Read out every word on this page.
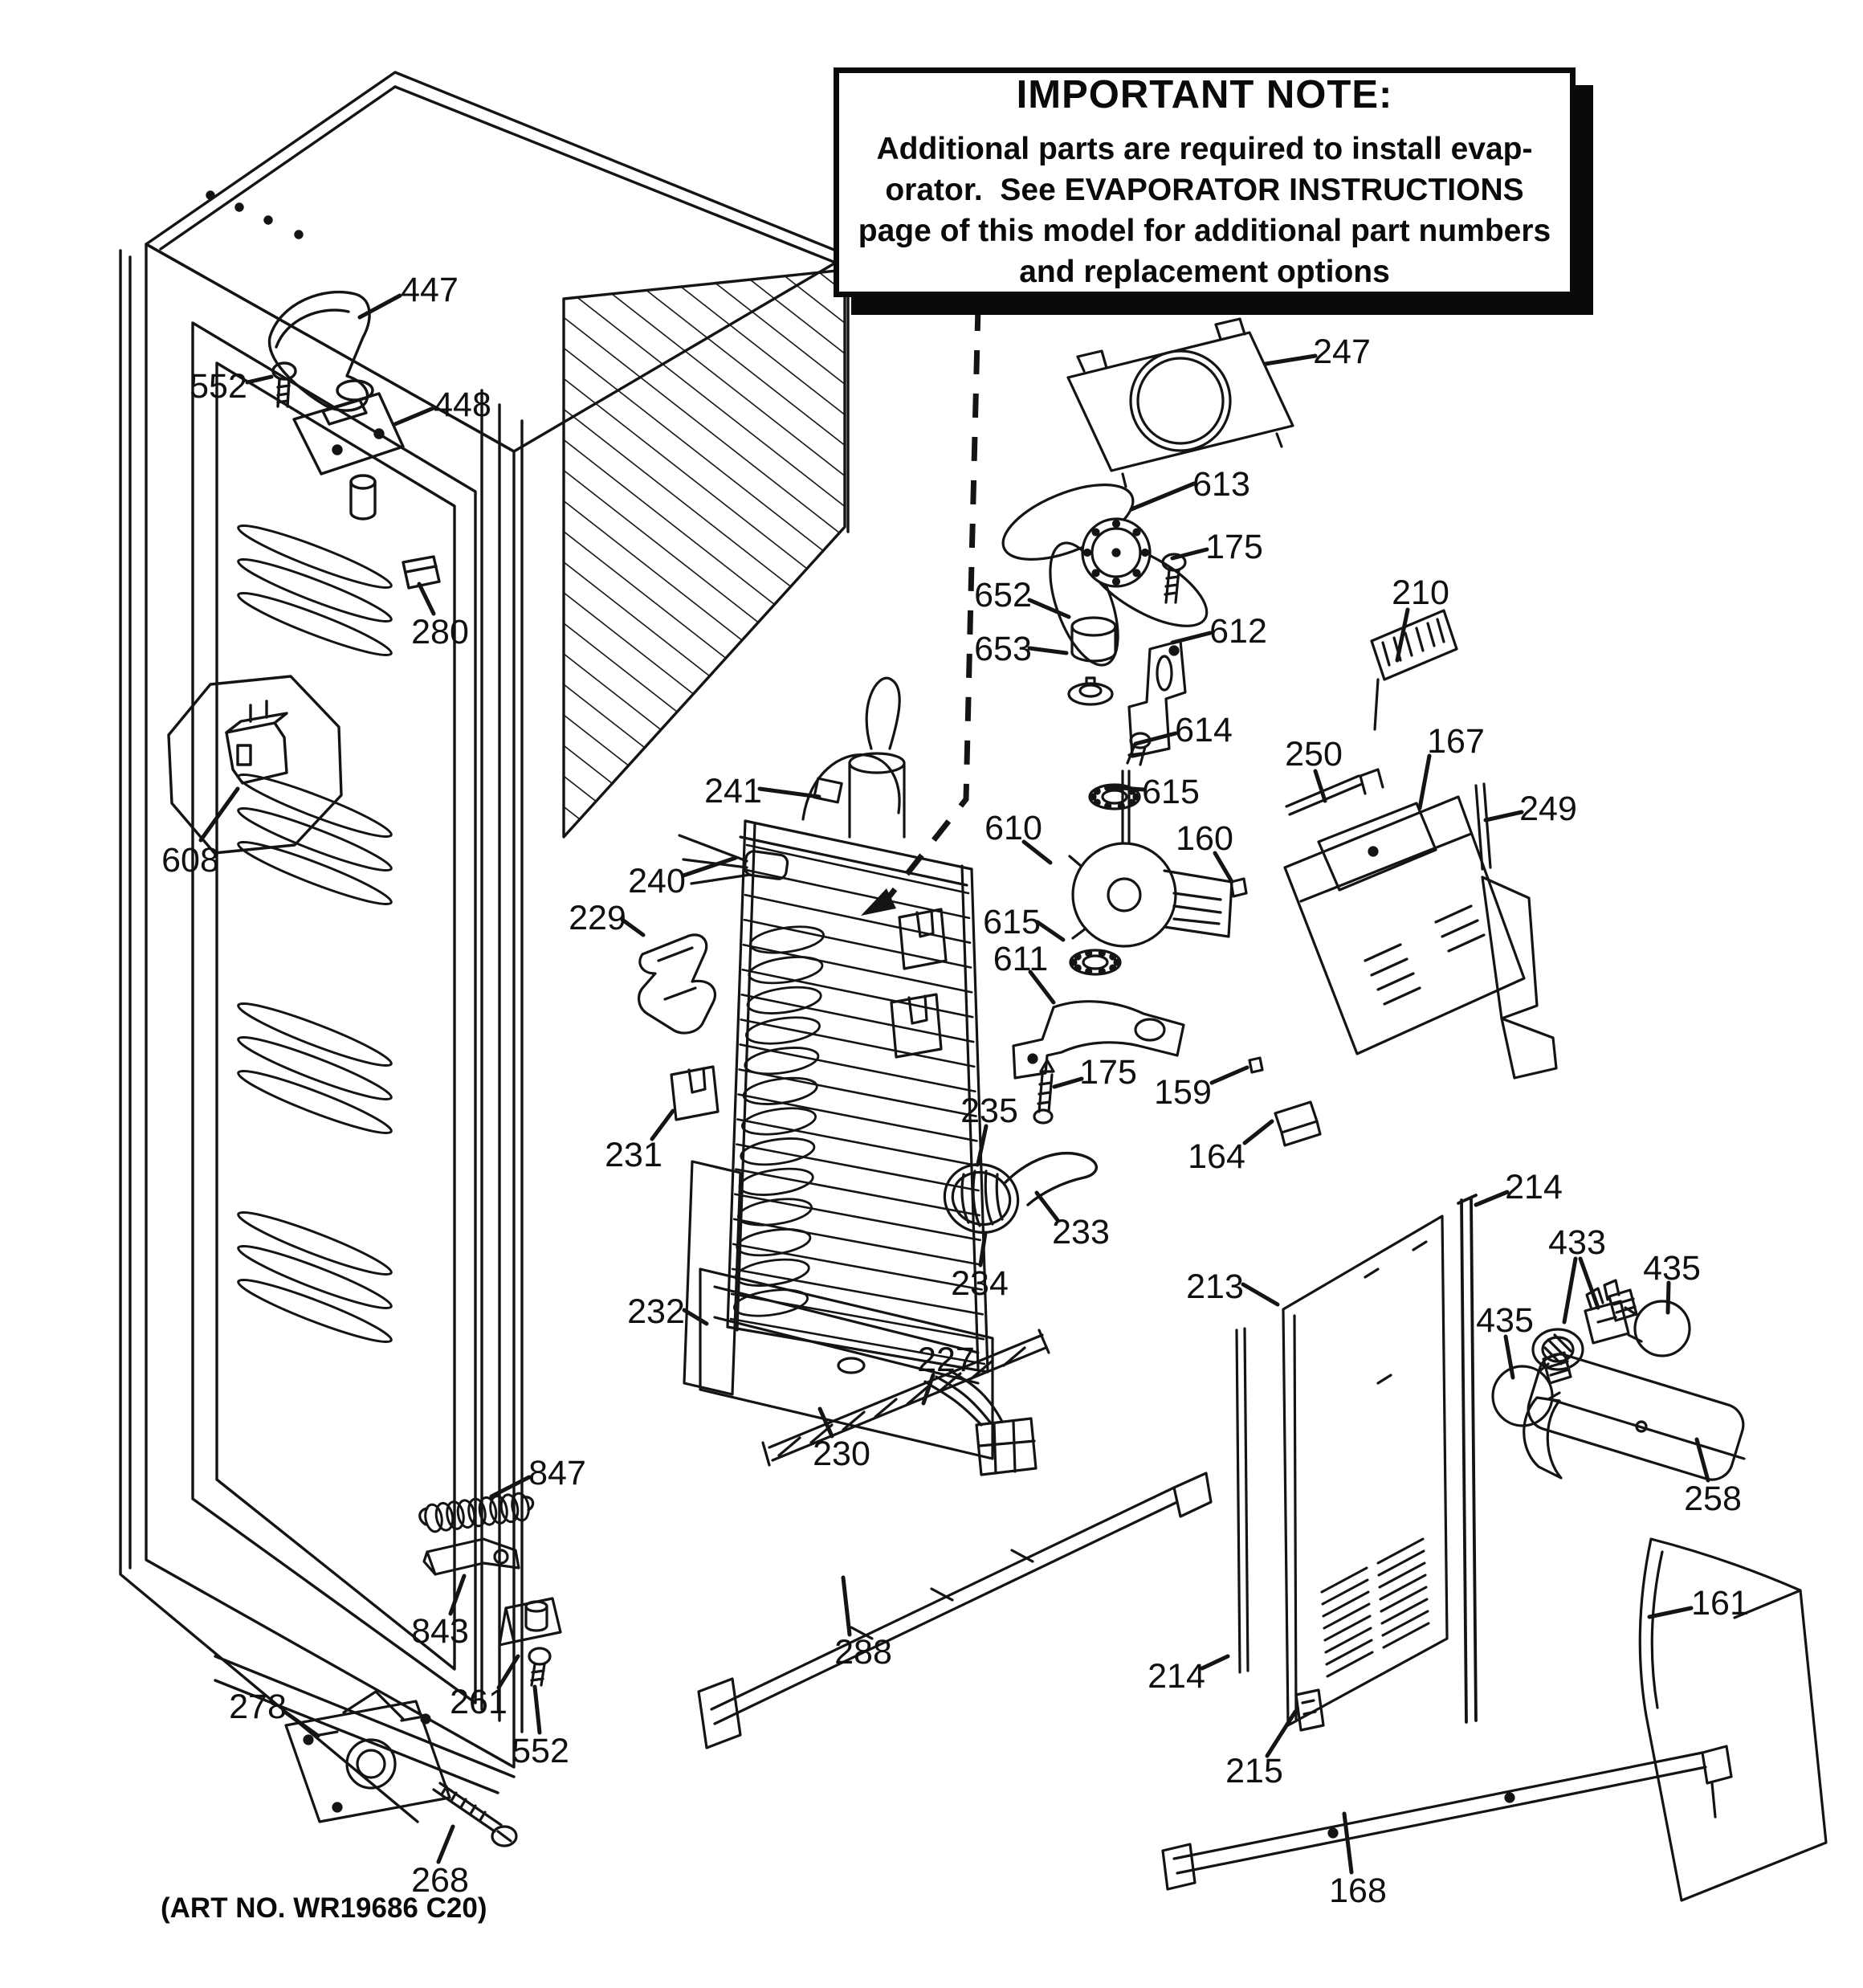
447
552	448
280
608
241
240
229
231
232
235
234
233
230
227
288
847
843
261
552
278
268
247
613
175
652
653	612
614
615
610	160
250 167
210
249
615
611
175
159
164
214
213
433
435
435
258
161
214
215
168
IMPORTANT NOTE:
Additional parts are required to install evap-
orator.  See EVAPORATOR INSTRUCTIONS
page of this model for additional part numbers
and replacement options
(ART NO. WR19686 C20)
